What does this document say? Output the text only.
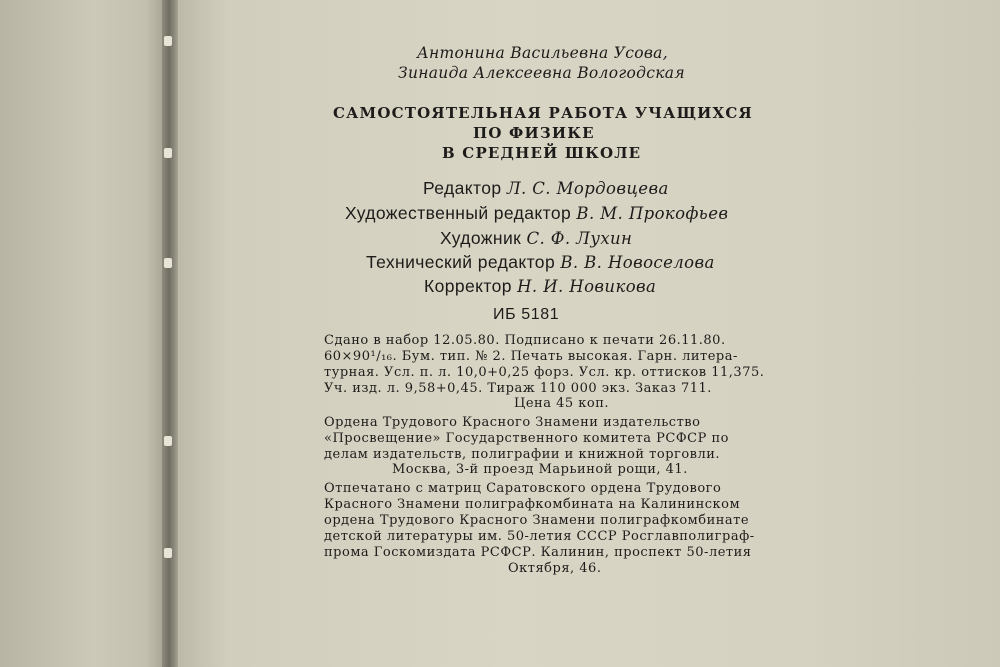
Антонина Васильевна Усова,
Зинаида Алексеевна Вологодская
САМОСТОЯТЕЛЬНАЯ РАБОТА УЧАЩИХСЯ
ПО ФИЗИКЕ
В СРЕДНЕЙ ШКОЛЕ
Редактор Л. С. Мордовцева
Художественный редактор В. М. Прокофьев
Художник С. Ф. Лухин
Технический редактор В. В. Новоселова
Корректор Н. И. Новикова
ИБ 5181
Сдано в набор 12.05.80. Подписано к печати 26.11.80.
60×90¹/₁₆. Бум. тип. № 2. Печать высокая. Гарн. литера-
турная. Усл. п. л. 10,0+0,25 форз. Усл. кр. оттисков 11,375.
Уч. изд. л. 9,58+0,45. Тираж 110 000 экз. Заказ 711.
Цена 45 коп.
Ордена Трудового Красного Знамени издательство
«Просвещение» Государственного комитета РСФСР по
делам издательств, полиграфии и книжной торговли.
Москва, 3-й проезд Марьиной рощи, 41.
Отпечатано с матриц Саратовского ордена Трудового
Красного Знамени полиграфкомбината на Калининском
ордена Трудового Красного Знамени полиграфкомбинате
детской литературы им. 50-летия СССР Росглавполиграф-
прома Госкомиздата РСФСР. Калинин, проспект 50-летия
Октября, 46.
